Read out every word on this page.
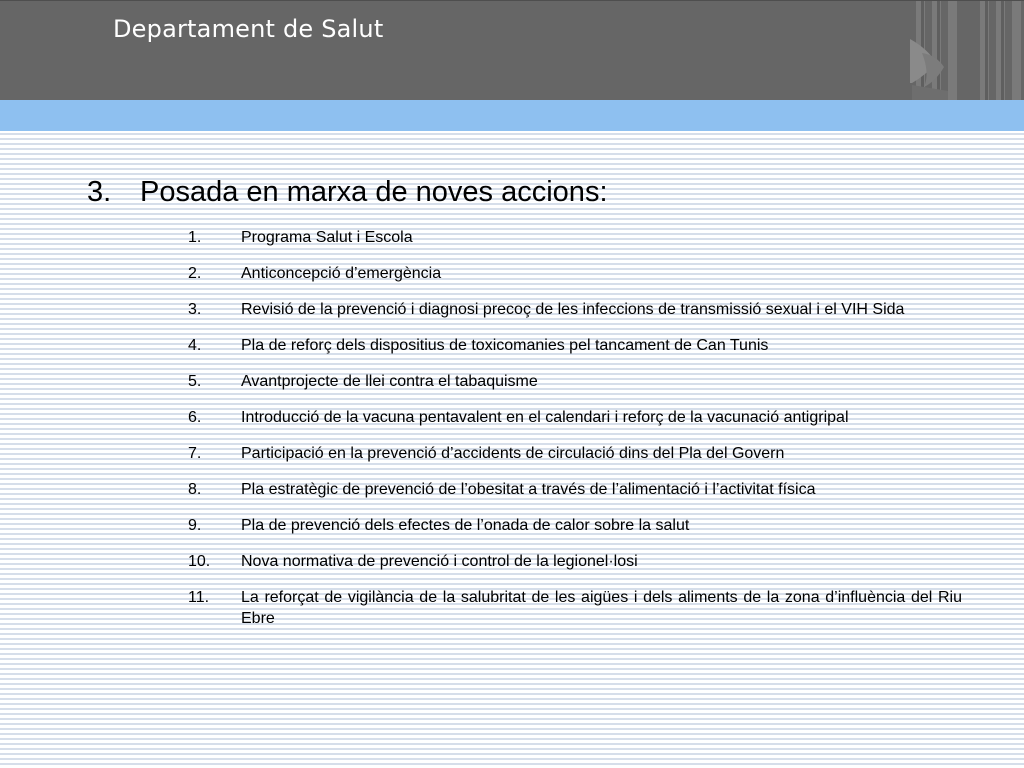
Departament de Salut
3. Posada en marxa de noves accions:
1.	Programa Salut i Escola
2.	Anticoncepció d’emergència
3.	Revisió de la prevenció i diagnosi precoç de les infeccions de transmissió sexual i el VIH Sida
4.	Pla de reforç dels dispositius de toxicomanies pel tancament de Can Tunis
5.	Avantprojecte de llei contra el tabaquisme
6.	Introducció de la vacuna pentavalent en el calendari i reforç de la vacunació antigripal
7.	Participació en la prevenció d’accidents de circulació dins del Pla del Govern
8.	Pla estratègic de prevenció de l’obesitat a través de l’alimentació i l’activitat física
9.	Pla de prevenció dels efectes de l’onada de calor sobre la salut
10.	Nova normativa de prevenció i control de la legionel·losi
11.	La reforçat de vigilància de la salubritat de les aigües i dels aliments de la zona d’influència del Riu Ebre
